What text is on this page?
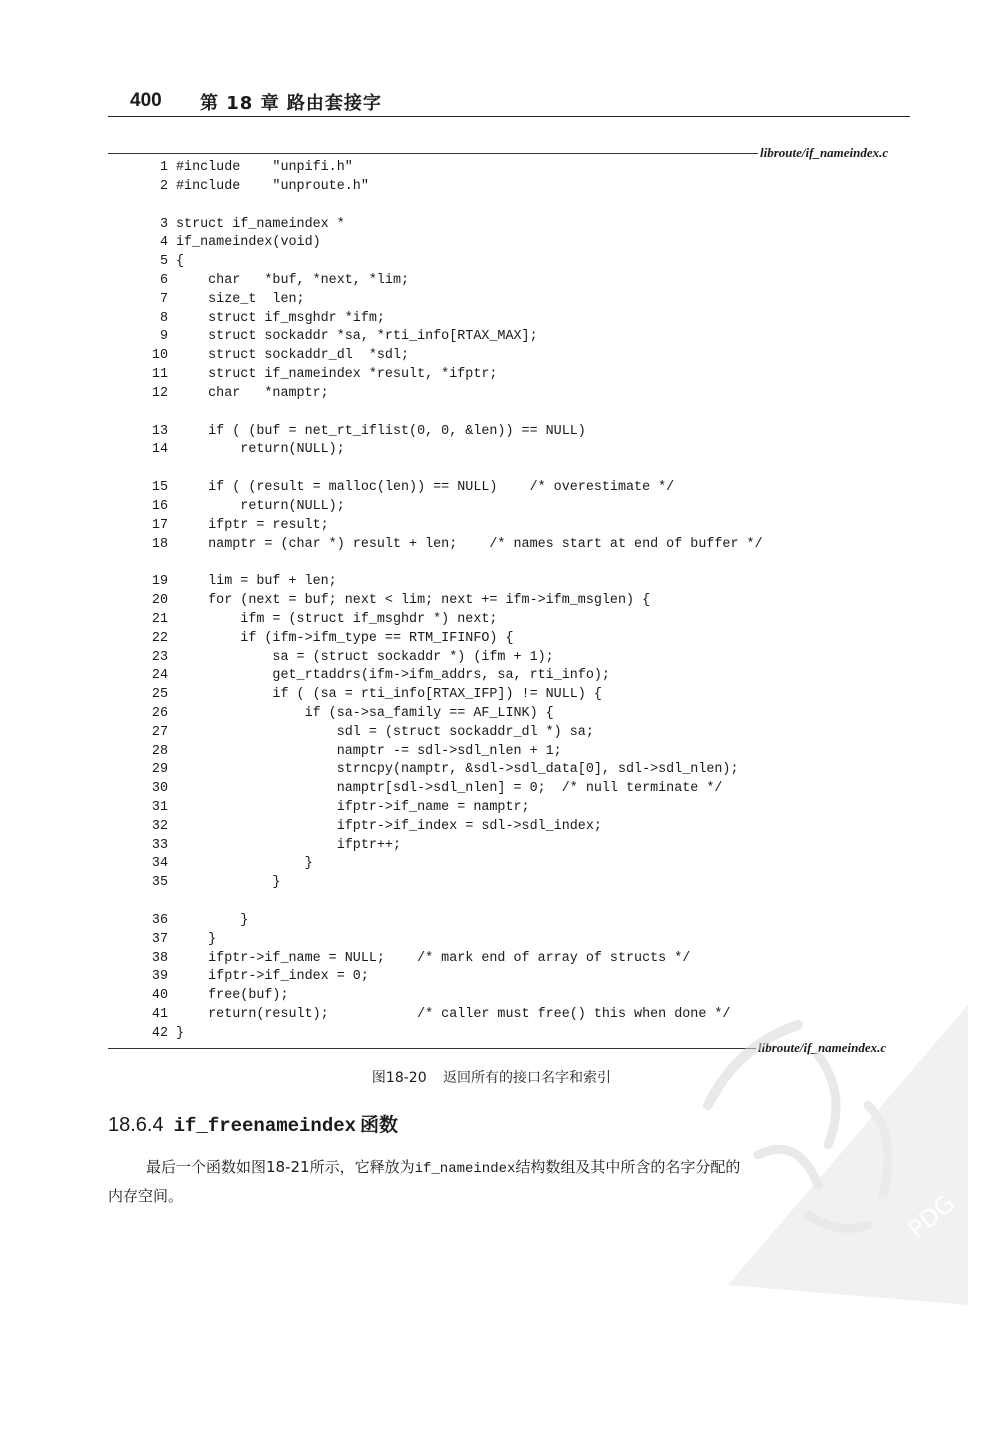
400 第 18 章 路由套接字
libroute/if_nameindex.c
1 #include    "unpifi.h"
2 #include    "unproute.h"
3 struct if_nameindex *
4 if_nameindex(void)
5 {
6    char   *buf, *next, *lim;
7    size_t  len;
8    struct if_msghdr *ifm;
9    struct sockaddr *sa, *rti_info[RTAX_MAX];
10    struct sockaddr_dl  *sdl;
11    struct if_nameindex *result, *ifptr;
12    char   *namptr;
13    if ( (buf = net_rt_iflist(0, 0, &len)) == NULL)
14        return(NULL);
15    if ( (result = malloc(len)) == NULL)    /* overestimate */
16        return(NULL);
17    ifptr = result;
18    namptr = (char *) result + len;    /* names start at end of buffer */
19    lim = buf + len;
20    for (next = buf; next < lim; next += ifm->ifm_msglen) {
21        ifm = (struct if_msghdr *) next;
22        if (ifm->ifm_type == RTM_IFINFO) {
23            sa = (struct sockaddr *) (ifm + 1);
24            get_rtaddrs(ifm->ifm_addrs, sa, rti_info);
25            if ( (sa = rti_info[RTAX_IFP]) != NULL) {
26                if (sa->sa_family == AF_LINK) {
27                    sdl = (struct sockaddr_dl *) sa;
28                    namptr -= sdl->sdl_nlen + 1;
29                    strncpy(namptr, &sdl->sdl_data[0], sdl->sdl_nlen);
30                    namptr[sdl->sdl_nlen] = 0;  /* null terminate */
31                    ifptr->if_name = namptr;
32                    ifptr->if_index = sdl->sdl_index;
33                    ifptr++;
34                }
35            }
36        }
37    }
38    ifptr->if_name = NULL;    /* mark end of array of structs */
39    ifptr->if_index = 0;
40    free(buf);
41    return(result);           /* caller must free() this when done */
42 }
libroute/if_nameindex.c
图18-20 返回所有的接口名字和索引
18.6.4 if_freenameindex 函数
最后一个函数如图18-21所示，它释放为if_nameindex结构数组及其中所含的名字分配的
内存空间。	PDG
